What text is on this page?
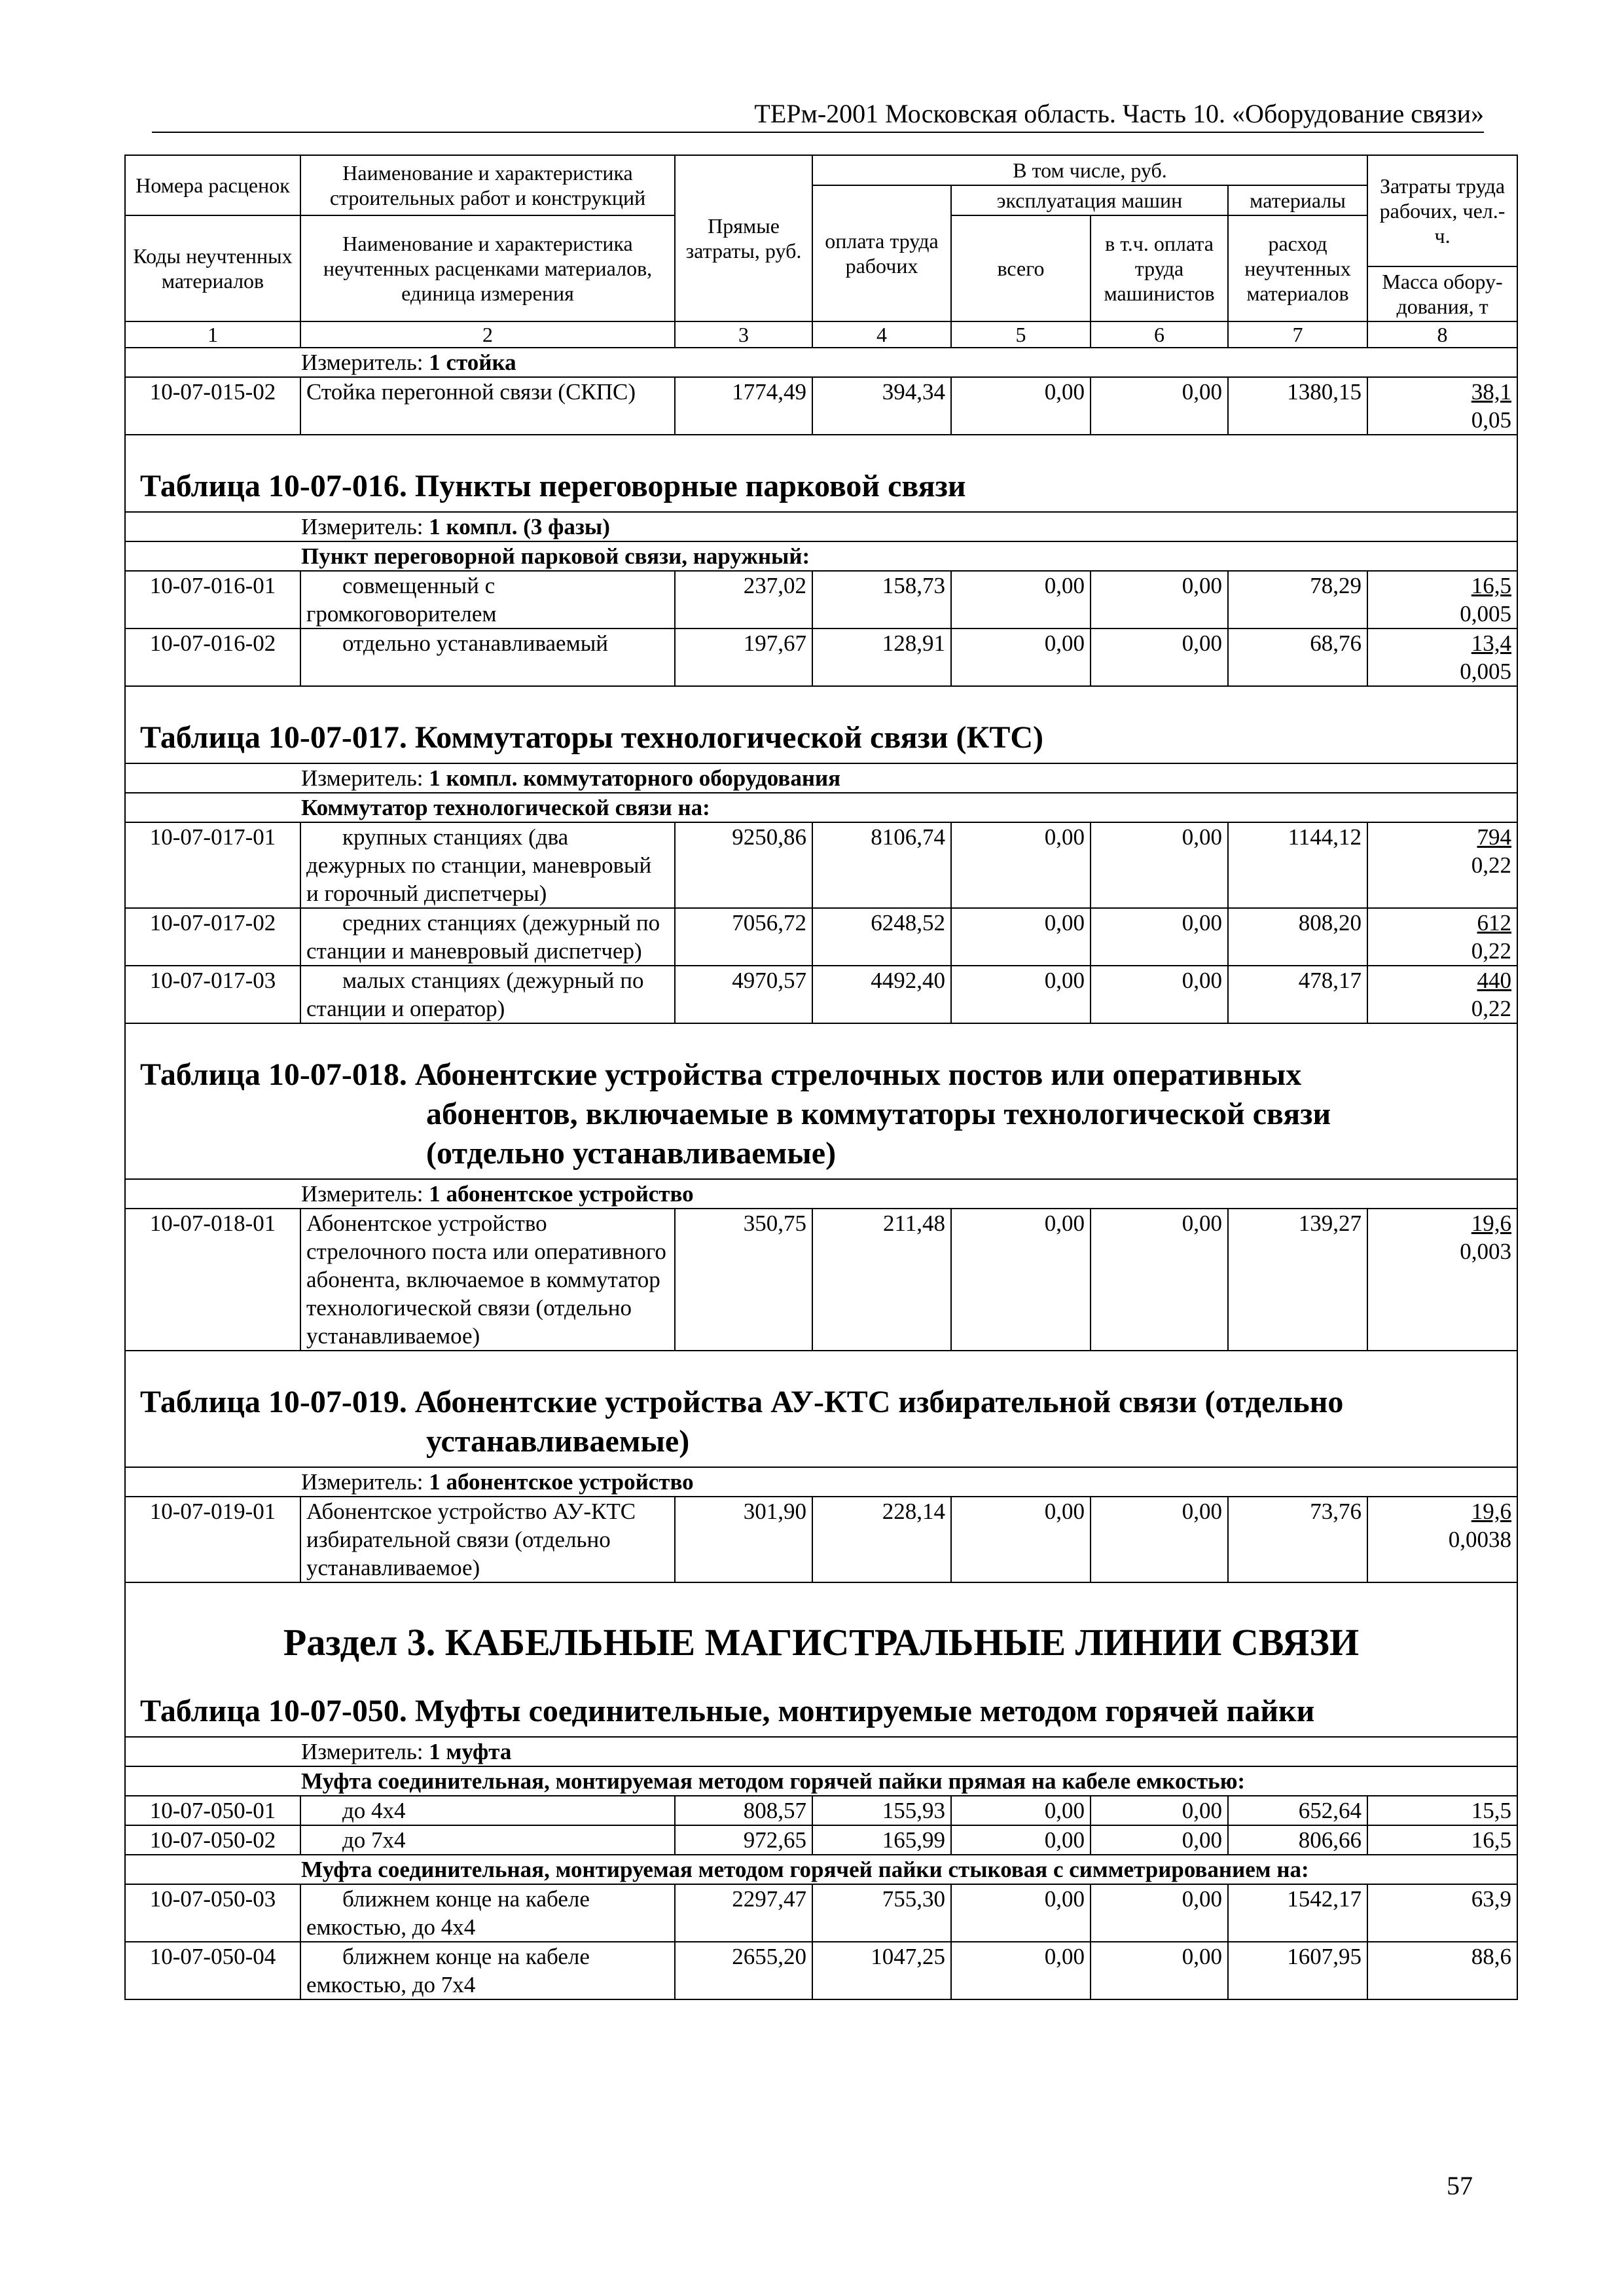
ТЕРм-2001 Московская область. Часть 10. «Оборудование связи»
Номера расценок	Наименование и характеристика строительных работ и конструкций	Прямые затраты, руб.	В том числе, руб.				Затраты труда рабочих, чел.-ч.
			оплата труда рабочих	эксплуатация машин		материалы	
Коды неучтенных материалов	Наименование и характеристика неучтенных расценками материалов, единица измерения			всего	в т.ч. оплата труда машинистов	расход неучтенных материалов	
							Масса обору-дования, т
1	2	3	4	5	6	7	8
Измеритель: 1 стойка							
10-07-015-02	Стойка перегонной связи (СКПС)	1774,49	394,34	0,00	0,00	1380,15	38,1
0,05

Таблица 10-07-016. Пункты переговорные парковой связи							

Измеритель: 1 компл. (3 фазы)							
Пункт переговорной парковой связи, наружный:							
10-07-016-01	совмещенный с громкоговорителем	237,02	158,73	0,00	0,00	78,29	16,5
0,005

10-07-016-02	отдельно устанавливаемый	197,67	128,91	0,00	0,00	68,76	13,4
0,005

Таблица 10-07-017. Коммутаторы технологической связи (КТС)							

Измеритель: 1 компл. коммутаторного оборудования							
Коммутатор технологической связи на:							
10-07-017-01	крупных станциях (два дежурных по станции, маневровый и горочный диспетчеры)	9250,86	8106,74	0,00	0,00	1144,12	794
0,22

10-07-017-02	средних станциях (дежурный по станции и маневровый диспетчер)	7056,72	6248,52	0,00	0,00	808,20	612
0,22

10-07-017-03	малых станциях (дежурный по станции и оператор)	4970,57	4492,40	0,00	0,00	478,17	440
0,22

Таблица 10-07-018. Абонентские устройства стрелочных постов или оперативных
абонентов, включаемые в коммутаторы технологической связи
(отдельно устанавливаемые)							

Измеритель: 1 абонентское устройство							
10-07-018-01	Абонентское устройство стрелочного поста или оперативного абонента, включаемое в коммутатор технологической связи (отдельно устанавливаемое)	350,75	211,48	0,00	0,00	139,27	19,6
0,003

Таблица 10-07-019. Абонентские устройства АУ-КТС избирательной связи (отдельно
устанавливаемые)							

Измеритель: 1 абонентское устройство							
10-07-019-01	Абонентское устройство АУ-КТС избирательной связи (отдельно устанавливаемое)	301,90	228,14	0,00	0,00	73,76	19,6
0,0038

Раздел 3. КАБЕЛЬНЫЕ МАГИСТРАЛЬНЫЕ ЛИНИИ СВЯЗИ							

Таблица 10-07-050. Муфты соединительные, монтируемые методом горячей пайки							

Измеритель: 1 муфта							
Муфта соединительная, монтируемая методом горячей пайки прямая на кабеле емкостью:							
10-07-050-01	до 4x4	808,57	155,93	0,00	0,00	652,64	15,5
10-07-050-02	до 7x4	972,65	165,99	0,00	0,00	806,66	16,5
Муфта соединительная, монтируемая методом горячей пайки стыковая с симметрированием на:							
10-07-050-03	ближнем конце на кабеле емкостью, до 4x4	2297,47	755,30	0,00	0,00	1542,17	63,9
10-07-050-04	ближнем конце на кабеле емкостью, до 7x4	2655,20	1047,25	0,00	0,00	1607,95	88,6
57
